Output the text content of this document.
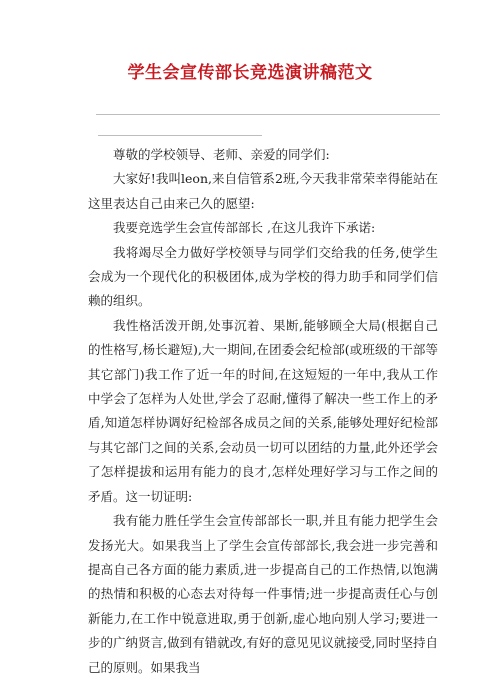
学生会宣传部长竞选演讲稿范文

尊敬的学校领导、老师、亲爱的同学们:

大家好!我叫leon,来自信管系2班,今天我非常荣幸得能站在这里表达自己由来己久的愿望:

我要竞选学生会宣传部部长 ,在这儿我许下承诺:

我将竭尽全力做好学校领导与同学们交给我的任务,使学生会成为一个现代化的积极团体,成为学校的得力助手和同学们信赖的组织。

我性格活泼开朗,处事沉着、果断,能够顾全大局(根据自己的性格写,杨长避短),大一期间,在团委会纪检部(或班级的干部等其它部门)我工作了近一年的时间,在这短短的一年中,我从工作中学会了怎样为人处世,学会了忍耐,懂得了解决一些工作上的矛盾,知道怎样协调好纪检部各成员之间的关系,能够处理好纪检部与其它部门之间的关系,会动员一切可以团结的力量,此外还学会了怎样提拔和运用有能力的良才,怎样处理好学习与工作之间的矛盾。这一切证明:

我有能力胜任学生会宣传部部长一职,并且有能力把学生会发扬光大。如果我当上了学生会宣传部部长,我会进一步完善和提高自己各方面的能力素质,进一步提高自己的工作热情,以饱满的热情和积极的心态去对待每一件事情;进一步提高责任心与创新能力,在工作中锐意进取,勇于创新,虚心地向别人学习;要进一步的广纳贤言,做到有错就改,有好的意见见议就接受,同时坚持自己的原则。如果我当
